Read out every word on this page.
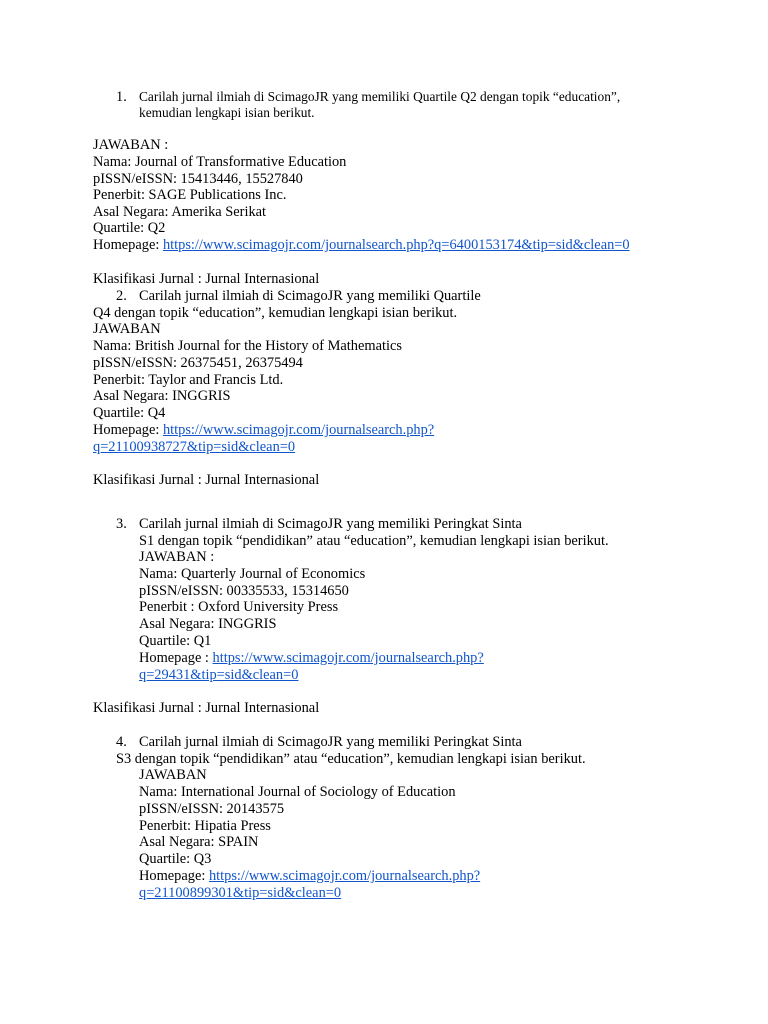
1. Carilah jurnal ilmiah di ScimagoJR yang memiliki Quartile Q2 dengan topik “education”,
kemudian lengkapi isian berikut.
JAWABAN :
Nama: Journal of Transformative Education
pISSN/eISSN: 15413446, 15527840
Penerbit: SAGE Publications Inc.
Asal Negara: Amerika Serikat
Quartile: Q2
Homepage: https://www.scimagojr.com/journalsearch.php?q=6400153174&tip=sid&clean=0
Klasifikasi Jurnal : Jurnal Internasional
2. Carilah jurnal ilmiah di ScimagoJR yang memiliki Quartile
Q4 dengan topik “education”, kemudian lengkapi isian berikut.
JAWABAN
Nama: British Journal for the History of Mathematics
pISSN/eISSN: 26375451, 26375494
Penerbit: Taylor and Francis Ltd.
Asal Negara: INGGRIS
Quartile: Q4
Homepage: https://www.scimagojr.com/journalsearch.php?
q=21100938727&tip=sid&clean=0
Klasifikasi Jurnal : Jurnal Internasional
3. Carilah jurnal ilmiah di ScimagoJR yang memiliki Peringkat Sinta
S1 dengan topik “pendidikan” atau “education”, kemudian lengkapi isian berikut.
JAWABAN :
Nama: Quarterly Journal of Economics
pISSN/eISSN: 00335533, 15314650
Penerbit : Oxford University Press
Asal Negara: INGGRIS
Quartile: Q1
Homepage : https://www.scimagojr.com/journalsearch.php?
q=29431&tip=sid&clean=0
Klasifikasi Jurnal : Jurnal Internasional
4. Carilah jurnal ilmiah di ScimagoJR yang memiliki Peringkat Sinta
S3 dengan topik “pendidikan” atau “education”, kemudian lengkapi isian berikut.
JAWABAN
Nama: International Journal of Sociology of Education
pISSN/eISSN: 20143575
Penerbit: Hipatia Press
Asal Negara: SPAIN
Quartile: Q3
Homepage: https://www.scimagojr.com/journalsearch.php?
q=21100899301&tip=sid&clean=0
